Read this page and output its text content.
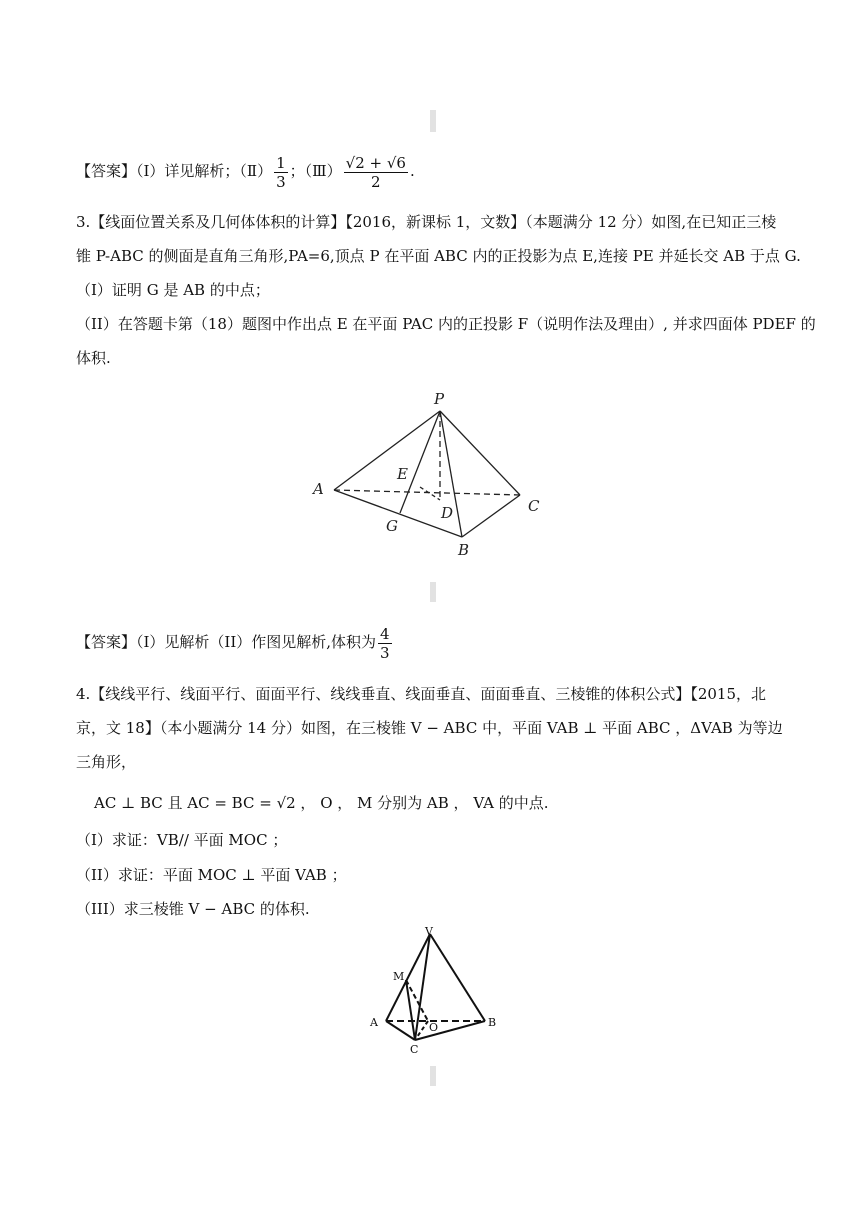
【答案】（Ⅰ）详见解析；（Ⅱ） $\frac{1}{3}$ ；（Ⅲ） $\frac{√2 + √6}{2}$ .
3.【线面位置关系及几何体体积的计算】【2016，新课标 1，文数】（本题满分 12 分）如图,在已知正三棱
锥 P-ABC 的侧面是直角三角形,PA=6,顶点 P 在平面 ABC 内的正投影为点 E,连接 PE 并延长交 AB 于点 G.
（I）证明 G 是 AB 的中点；
（II）在答题卡第（18）题图中作出点 E 在平面 PAC 内的正投影 F（说明作法及理由）, 并求四面体 PDEF 的
体积.
P
A
E
D	C
G
B
【答案】（I）见解析（II）作图见解析,体积为 $\frac{4}{3}$
4.【线线平行、线面平行、面面平行、线线垂直、线面垂直、面面垂直、三棱锥的体积公式】【2015，北
京，文 18】（本小题满分 14 分）如图，在三棱锥 V − ABC 中，平面 VAB ⊥ 平面 ABC ，ΔVAB 为等边
三角形，
AC ⊥ BC 且 AC = BC = √2 ， O ， M 分别为 AB ， VA 的中点.
（I）求证：VB// 平面 MOC ；
（II）求证：平面 MOC ⊥ 平面 VAB ；
（III）求三棱锥 V − ABC 的体积.
V
M
A	O	B
C
